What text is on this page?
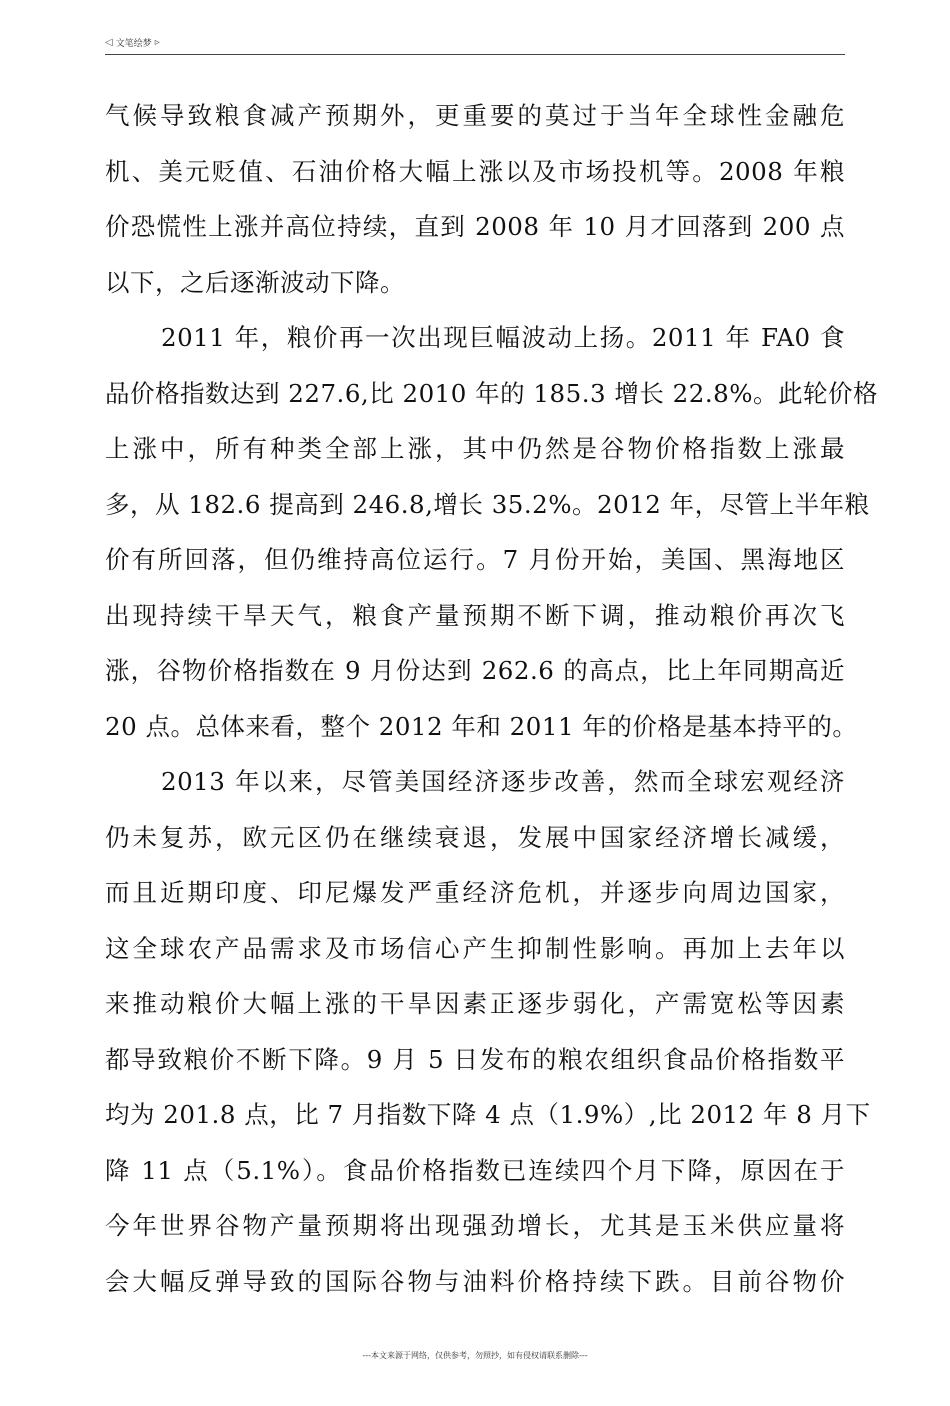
◁ 文笔绘梦 ▹
气候导致粮食减产预期外，更重要的莫过于当年全球性金融危
机、美元贬值、石油价格大幅上涨以及市场投机等。2008 年粮
价恐慌性上涨并高位持续，直到 2008 年 10 月才回落到 200 点
以下，之后逐渐波动下降。
2011 年，粮价再一次出现巨幅波动上扬。2011 年 FA0 食
品价格指数达到 227.6,比 2010 年的 185.3 增长 22.8%。此轮价格
上涨中，所有种类全部上涨，其中仍然是谷物价格指数上涨最
多，从 182.6 提高到 246.8,增长 35.2%。2012 年，尽管上半年粮
价有所回落，但仍维持高位运行。7 月份开始，美国、黑海地区
出现持续干旱天气，粮食产量预期不断下调，推动粮价再次飞
涨，谷物价格指数在 9 月份达到 262.6 的高点，比上年同期高近
20 点。总体来看，整个 2012 年和 2011 年的价格是基本持平的。
2013 年以来，尽管美国经济逐步改善，然而全球宏观经济
仍未复苏，欧元区仍在继续衰退，发展中国家经济增长减缓，
而且近期印度、印尼爆发严重经济危机，并逐步向周边国家，
这全球农产品需求及市场信心产生抑制性影响。再加上去年以
来推动粮价大幅上涨的干旱因素正逐步弱化，产需宽松等因素
都导致粮价不断下降。9 月 5 日发布的粮农组织食品价格指数平
均为 201.8 点，比 7 月指数下降 4 点（1.9%）,比 2012 年 8 月下
降 11 点（5.1%）。食品价格指数已连续四个月下降，原因在于
今年世界谷物产量预期将出现强劲增长，尤其是玉米供应量将
会大幅反弹导致的国际谷物与油料价格持续下跌。目前谷物价
---本文来源于网络，仅供参考，勿照抄，如有侵权请联系删除---
